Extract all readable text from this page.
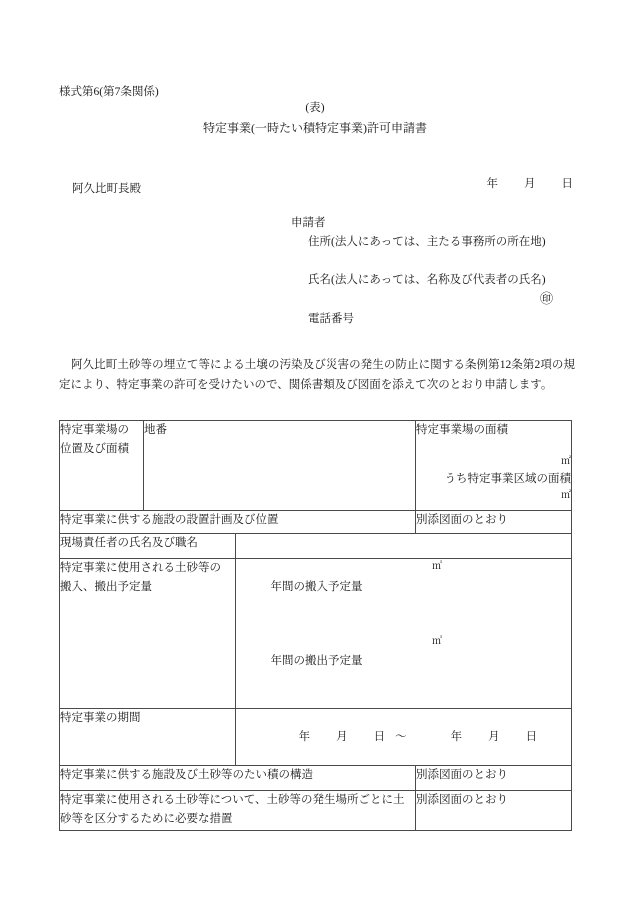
様式第6(第7条関係)
(表)
特定事業(一時たい積特定事業)許可申請書

年 月 日

阿久比町長殿
申請者
住所(法人にあっては、主たる事務所の所在地)
氏名(法人にあっては、名称及び代表者の氏名)
㊞
電話番号
阿久比町土砂等の埋立て等による土壌の汚染及び災害の発生の防止に関する条例第12条第2項の規定により、特定事業の許可を受けたいので、関係書類及び図面を添えて次のとおり申請します。
特定事業場の
位置及び面積	地番		特定事業場の面積
㎡
うち特定事業区域の面積
㎡

特定事業に供する施設の設置計画及び位置			別添図面のとおり
現場責任者の氏名及び職名			

特定事業に使用される土砂等の
搬入、搬出予定量		年間の搬入予定量

㎥

年間の搬出予定量

㎥	

特定事業の期間		年 月 日 〜 年 月 日	

特定事業に供する施設及び土砂等のたい積の構造			別添図面のとおり

特定事業に使用される土砂等について、土砂等の発生場所ごとに土
砂等を区分するために必要な措置			別添図面のとおり
